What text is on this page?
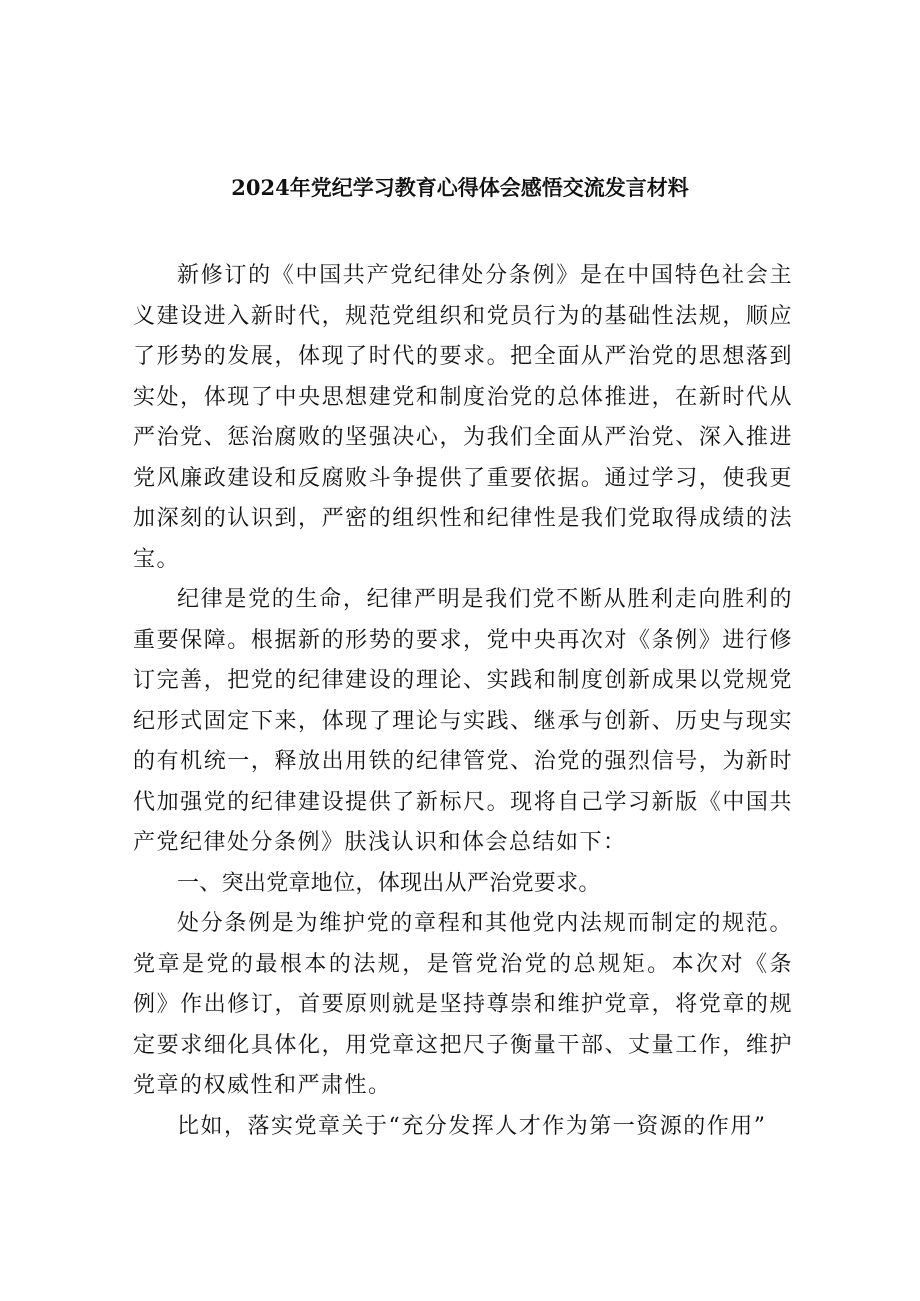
2024年党纪学习教育心得体会感悟交流发言材料

新修订的《中国共产党纪律处分条例》是在中国特色社会主义建设进入新时代，规范党组织和党员行为的基础性法规，顺应了形势的发展，体现了时代的要求。把全面从严治党的思想落到实处，体现了中央思想建党和制度治党的总体推进，在新时代从严治党、惩治腐败的坚强决心，为我们全面从严治党、深入推进党风廉政建设和反腐败斗争提供了重要依据。通过学习，使我更加深刻的认识到，严密的组织性和纪律性是我们党取得成绩的法宝。

纪律是党的生命，纪律严明是我们党不断从胜利走向胜利的重要保障。根据新的形势的要求，党中央再次对《条例》进行修订完善，把党的纪律建设的理论、实践和制度创新成果以党规党纪形式固定下来，体现了理论与实践、继承与创新、历史与现实的有机统一，释放出用铁的纪律管党、治党的强烈信号，为新时代加强党的纪律建设提供了新标尺。现将自己学习新版《中国共产党纪律处分条例》肤浅认识和体会总结如下：

一、突出党章地位，体现出从严治党要求。

处分条例是为维护党的章程和其他党内法规而制定的规范。党章是党的最根本的法规，是管党治党的总规矩。本次对《条例》作出修订，首要原则就是坚持尊崇和维护党章，将党章的规定要求细化具体化，用党章这把尺子衡量干部、丈量工作，维护党章的权威性和严肃性。

比如，落实党章关于“充分发挥人才作为第一资源的作用”
